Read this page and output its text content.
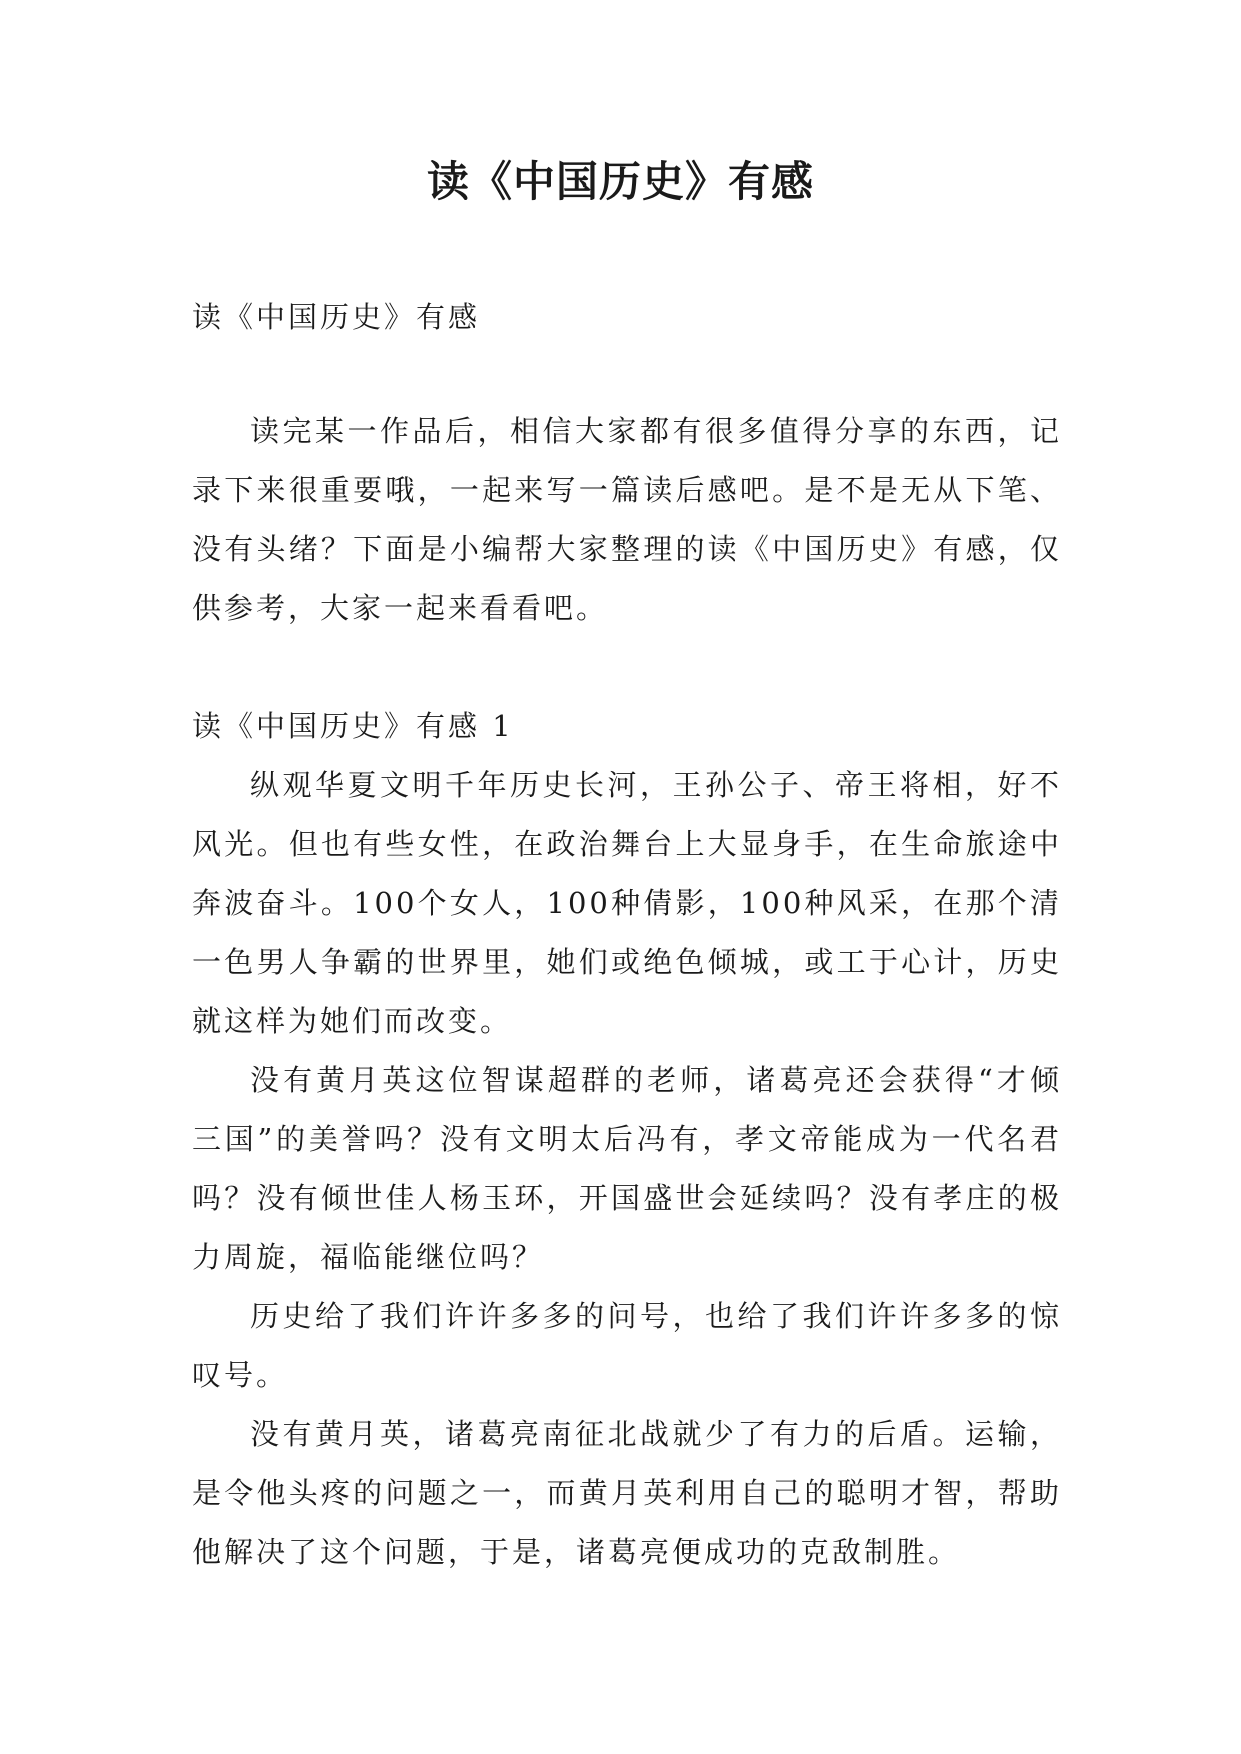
读《中国历史》有感
读《中国历史》有感

读完某一作品后，相信大家都有很多值得分享的东西，记录下来很重要哦，一起来写一篇读后感吧。是不是无从下笔、没有头绪？下面是小编帮大家整理的读《中国历史》有感，仅供参考，大家一起来看看吧。

读《中国历史》有感 1

纵观华夏文明千年历史长河，王孙公子、帝王将相，好不风光。但也有些女性，在政治舞台上大显身手，在生命旅途中奔波奋斗。100个女人，100种倩影，100种风采，在那个清一色男人争霸的世界里，她们或绝色倾城，或工于心计，历史就这样为她们而改变。

没有黄月英这位智谋超群的老师，诸葛亮还会获得“才倾三国”的美誉吗？没有文明太后冯有，孝文帝能成为一代名君吗？没有倾世佳人杨玉环，开国盛世会延续吗？没有孝庄的极力周旋，福临能继位吗？

历史给了我们许许多多的问号，也给了我们许许多多的惊叹号。

没有黄月英，诸葛亮南征北战就少了有力的后盾。运输，是令他头疼的问题之一，而黄月英利用自己的聪明才智，帮助他解决了这个问题，于是，诸葛亮便成功的克敌制胜。
